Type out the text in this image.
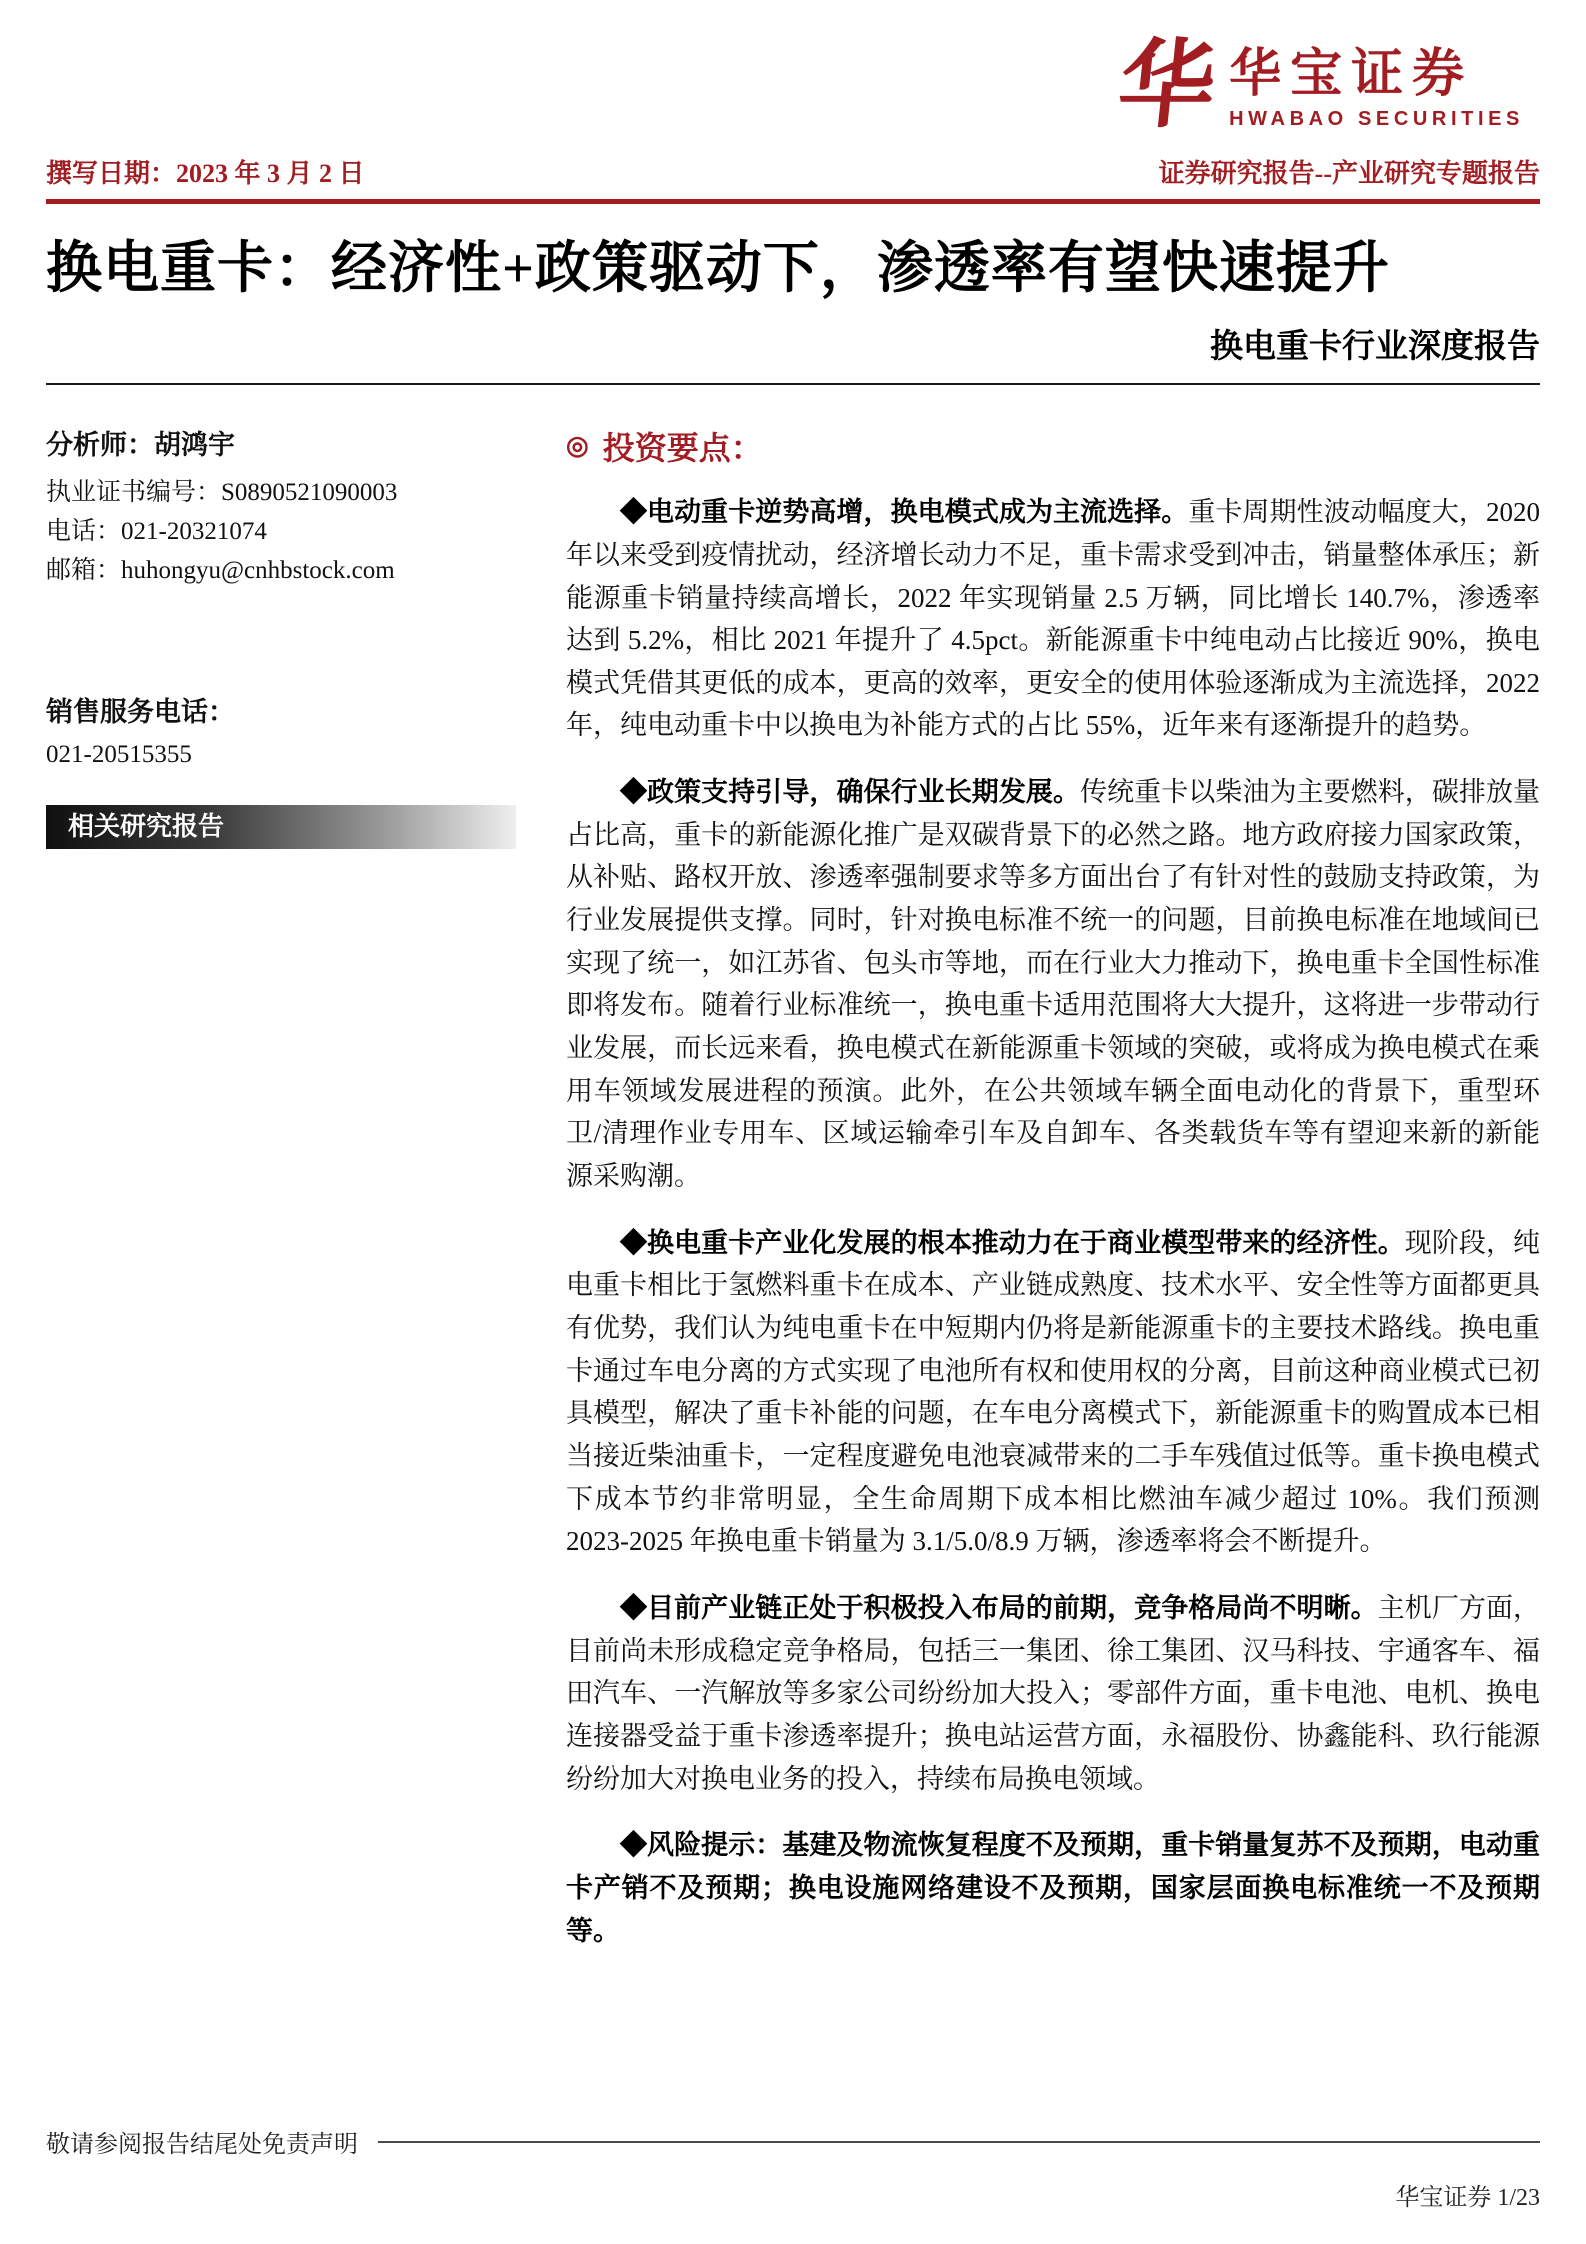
华 华宝证券
HWABAO SECURITIES
撰写日期：2023 年 3 月 2 日	证券研究报告--产业研究专题报告
换电重卡：经济性+政策驱动下，渗透率有望快速提升
换电重卡行业深度报告

分析师：胡鸿宇

执业证书编号：S0890521090003

电话：021-20321074

邮箱：huhongyu@cnhbstock.com

销售服务电话：

021-20515355

相关研究报告
◎ 投资要点：

◆电动重卡逆势高增，换电模式成为主流选择。重卡周期性波动幅度大，2020 年以来受到疫情扰动，经济增长动力不足，重卡需求受到冲击，销量整体承压；新能源重卡销量持续高增长，2022 年实现销量 2.5 万辆，同比增长 140.7%，渗透率达到 5.2%，相比 2021 年提升了 4.5pct。新能源重卡中纯电动占比接近 90%，换电模式凭借其更低的成本，更高的效率，更安全的使用体验逐渐成为主流选择，2022 年，纯电动重卡中以换电为补能方式的占比 55%，近年来有逐渐提升的趋势。

◆政策支持引导，确保行业长期发展。传统重卡以柴油为主要燃料，碳排放量占比高，重卡的新能源化推广是双碳背景下的必然之路。地方政府接力国家政策，从补贴、路权开放、渗透率强制要求等多方面出台了有针对性的鼓励支持政策，为行业发展提供支撑。同时，针对换电标准不统一的问题，目前换电标准在地域间已实现了统一，如江苏省、包头市等地，而在行业大力推动下，换电重卡全国性标准即将发布。随着行业标准统一，换电重卡适用范围将大大提升，这将进一步带动行业发展，而长远来看，换电模式在新能源重卡领域的突破，或将成为换电模式在乘用车领域发展进程的预演。此外，在公共领域车辆全面电动化的背景下，重型环卫/清理作业专用车、区域运输牵引车及自卸车、各类载货车等有望迎来新的新能源采购潮。

◆换电重卡产业化发展的根本推动力在于商业模型带来的经济性。现阶段，纯电重卡相比于氢燃料重卡在成本、产业链成熟度、技术水平、安全性等方面都更具有优势，我们认为纯电重卡在中短期内仍将是新能源重卡的主要技术路线。换电重卡通过车电分离的方式实现了电池所有权和使用权的分离，目前这种商业模式已初具模型，解决了重卡补能的问题，在车电分离模式下，新能源重卡的购置成本已相当接近柴油重卡，一定程度避免电池衰减带来的二手车残值过低等。重卡换电模式下成本节约非常明显，全生命周期下成本相比燃油车减少超过 10%。我们预测 2023-2025 年换电重卡销量为 3.1/5.0/8.9 万辆，渗透率将会不断提升。

◆目前产业链正处于积极投入布局的前期，竞争格局尚不明晰。主机厂方面，目前尚未形成稳定竞争格局，包括三一集团、徐工集团、汉马科技、宇通客车、福田汽车、一汽解放等多家公司纷纷加大投入；零部件方面，重卡电池、电机、换电连接器受益于重卡渗透率提升；换电站运营方面，永福股份、协鑫能科、玖行能源纷纷加大对换电业务的投入，持续布局换电领域。

◆风险提示：基建及物流恢复程度不及预期，重卡销量复苏不及预期，电动重卡产销不及预期；换电设施网络建设不及预期，国家层面换电标准统一不及预期等。

敬请参阅报告结尾处免责声明
华宝证券 1/23
